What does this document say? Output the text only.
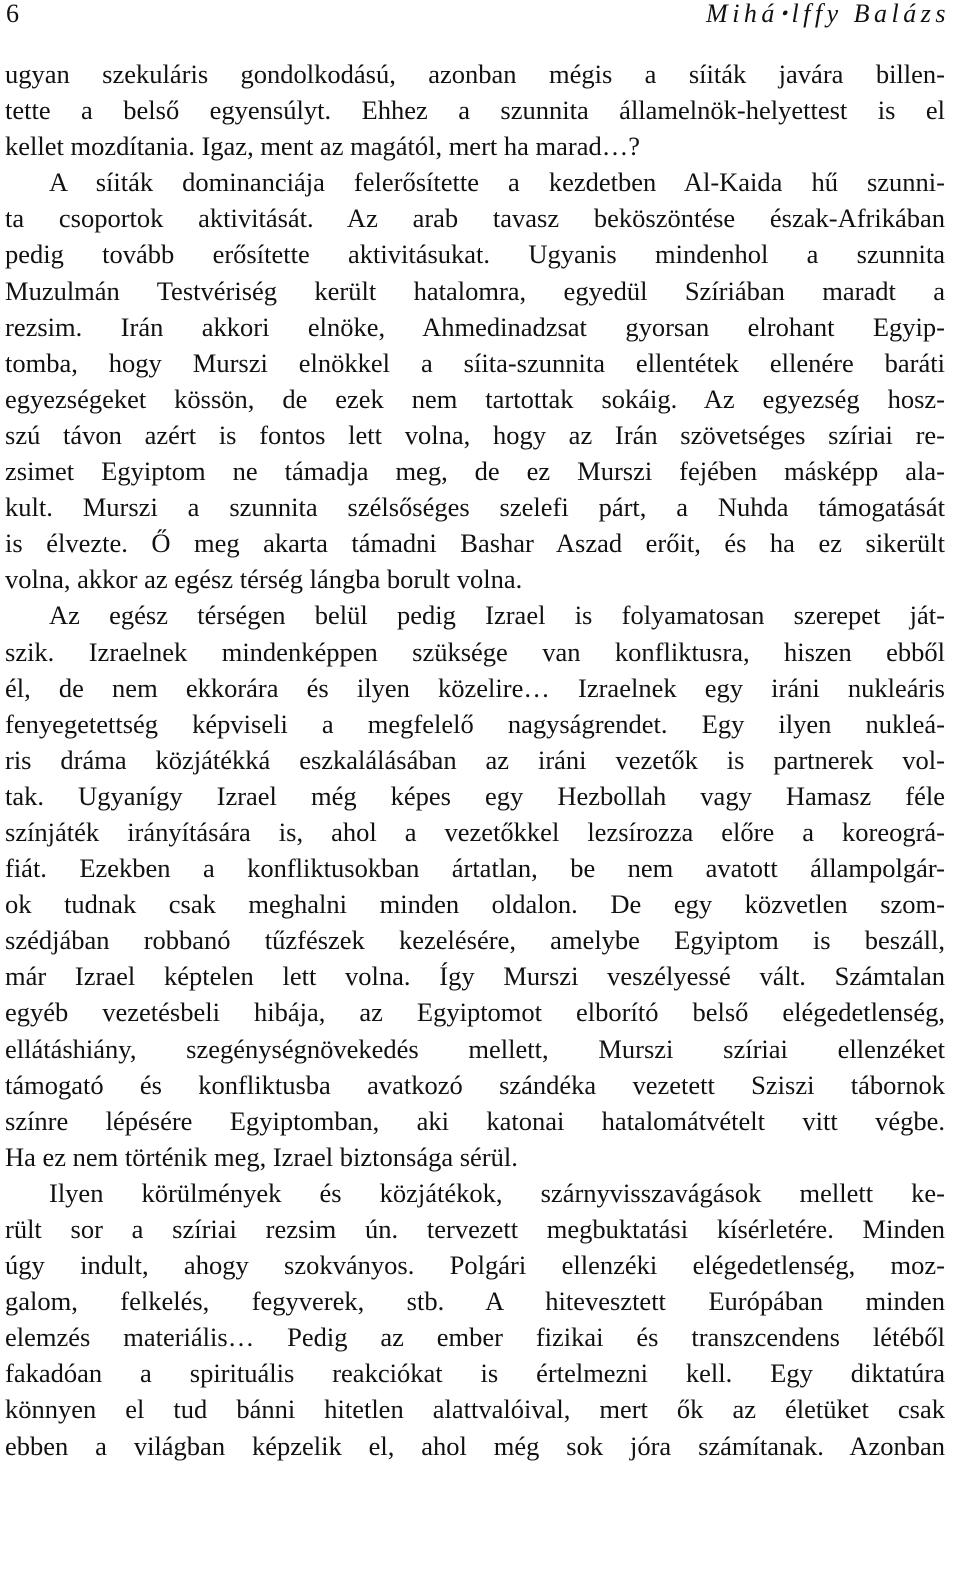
6	Miháꞏlffy Balázs
ugyan szekuláris gondolkodású, azonban mégis a síiták javára billen-
tette a belső egyensúlyt. Ehhez a szunnita államelnök-helyettest is el
kellet mozdítania. Igaz, ment az magától, mert ha marad…?
A síiták dominanciája felerősítette a kezdetben Al-Kaida hű szunni-
ta csoportok aktivitását. Az arab tavasz beköszöntése észak-Afrikában
pedig tovább erősítette aktivitásukat. Ugyanis mindenhol a szunnita
Muzulmán Testvériség került hatalomra, egyedül Szíriában maradt a
rezsim. Irán akkori elnöke, Ahmedinadzsat gyorsan elrohant Egyip-
tomba, hogy Murszi elnökkel a síita-szunnita ellentétek ellenére baráti
egyezségeket kössön, de ezek nem tartottak sokáig. Az egyezség hosz-
szú távon azért is fontos lett volna, hogy az Irán szövetséges szíriai re-
zsimet Egyiptom ne támadja meg, de ez Murszi fejében másképp ala-
kult. Murszi a szunnita szélsőséges szelefi párt, a Nuhda támogatását
is élvezte. Ő meg akarta támadni Bashar Aszad erőit, és ha ez sikerült
volna, akkor az egész térség lángba borult volna.
Az egész térségen belül pedig Izrael is folyamatosan szerepet ját-
szik. Izraelnek mindenképpen szüksége van konfliktusra, hiszen ebből
él, de nem ekkorára és ilyen közelire… Izraelnek egy iráni nukleáris
fenyegetettség képviseli a megfelelő nagyságrendet. Egy ilyen nukleá-
ris dráma közjátékká eszkalálásában az iráni vezetők is partnerek vol-
tak. Ugyanígy Izrael még képes egy Hezbollah vagy Hamasz féle
színjáték irányítására is, ahol a vezetőkkel lezsírozza előre a koreográ-
fiát. Ezekben a konfliktusokban ártatlan, be nem avatott állampolgár-
ok tudnak csak meghalni minden oldalon. De egy közvetlen szom-
szédjában robbanó tűzfészek kezelésére, amelybe Egyiptom is beszáll,
már Izrael képtelen lett volna. Így Murszi veszélyessé vált. Számtalan
egyéb vezetésbeli hibája, az Egyiptomot elborító belső elégedetlenség,
ellátáshiány, szegénységnövekedés mellett, Murszi szíriai ellenzéket
támogató és konfliktusba avatkozó szándéka vezetett Sziszi tábornok
színre lépésére Egyiptomban, aki katonai hatalomátvételt vitt végbe.
Ha ez nem történik meg, Izrael biztonsága sérül.
Ilyen körülmények és közjátékok, szárnyvisszavágások mellett ke-
rült sor a szíriai rezsim ún. tervezett megbuktatási kísérletére. Minden
úgy indult, ahogy szokványos. Polgári ellenzéki elégedetlenség, moz-
galom, felkelés, fegyverek, stb. A hitevesztett Európában minden
elemzés materiális… Pedig az ember fizikai és transzcendens létéből
fakadóan a spirituális reakciókat is értelmezni kell. Egy diktatúra
könnyen el tud bánni hitetlen alattvalóival, mert ők az életüket csak
ebben a világban képzelik el, ahol még sok jóra számítanak. Azonban
